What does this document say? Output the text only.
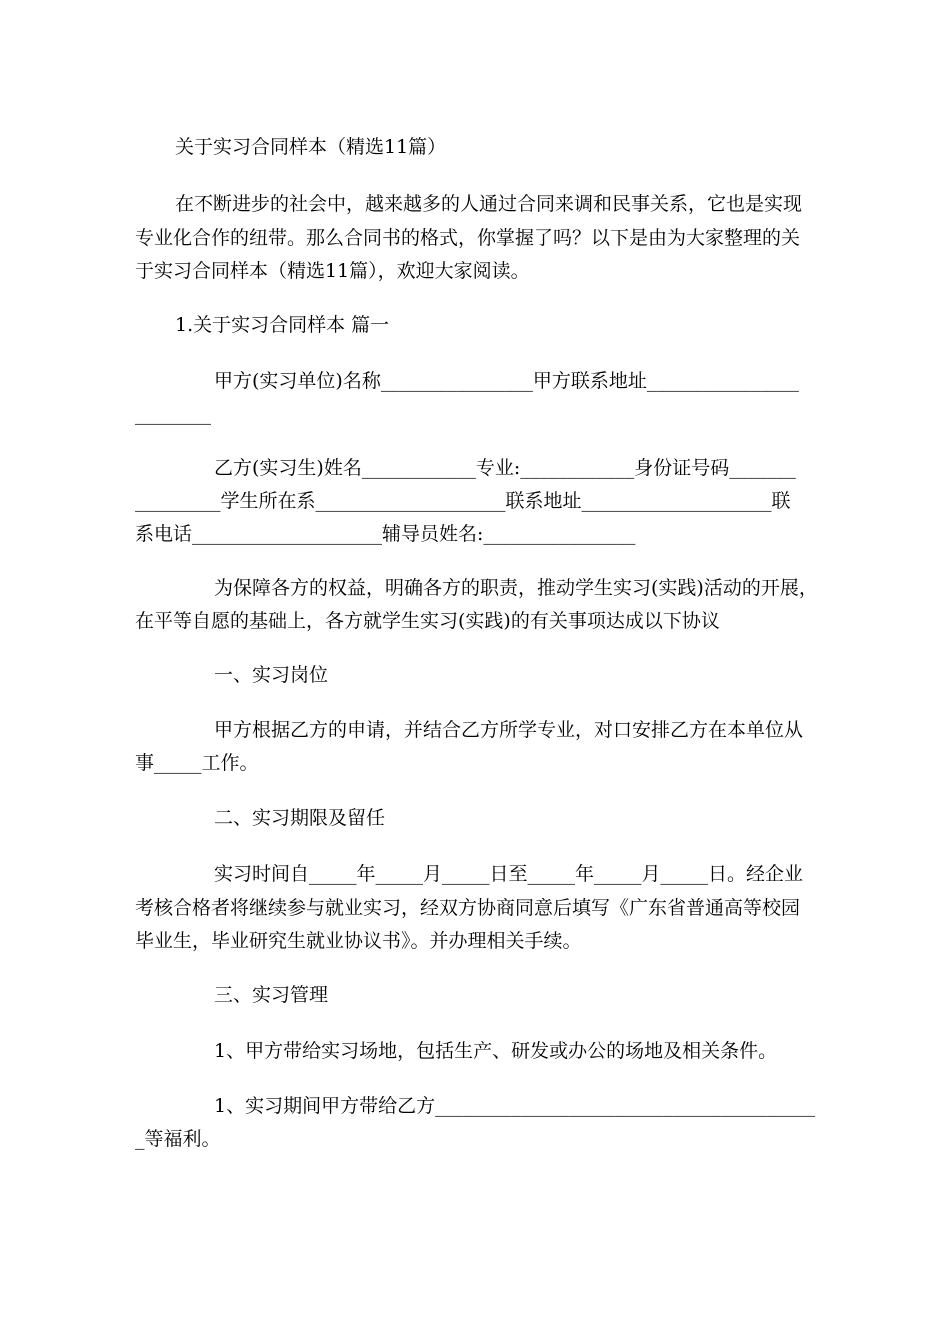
关于实习合同样本（精选11篇）
在不断进步的社会中，越来越多的人通过合同来调和民事关系，它也是实现
专业化合作的纽带。那么合同书的格式，你掌握了吗？以下是由为大家整理的关
于实习合同样本（精选11篇），欢迎大家阅读。
1.关于实习合同样本 篇一
甲方(实习单位)名称________________甲方联系地址________________
________
乙方(实习生)姓名____________专业:____________身份证号码_______
_________学生所在系____________________联系地址____________________联
系电话____________________辅导员姓名:________________
为保障各方的权益，明确各方的职责，推动学生实习(实践)活动的开展，
在平等自愿的基础上，各方就学生实习(实践)的有关事项达成以下协议
一、实习岗位
甲方根据乙方的申请，并结合乙方所学专业，对口安排乙方在本单位从
事_____工作。
二、实习期限及留任
实习时间自_____年_____月_____日至_____年_____月_____日。经企业
考核合格者将继续参与就业实习，经双方协商同意后填写《广东省普通高等校园
毕业生，毕业研究生就业协议书》。并办理相关手续。
三、实习管理
1、甲方带给实习场地，包括生产、研发或办公的场地及相关条件。
1、实习期间甲方带给乙方________________________________________
_等福利。
